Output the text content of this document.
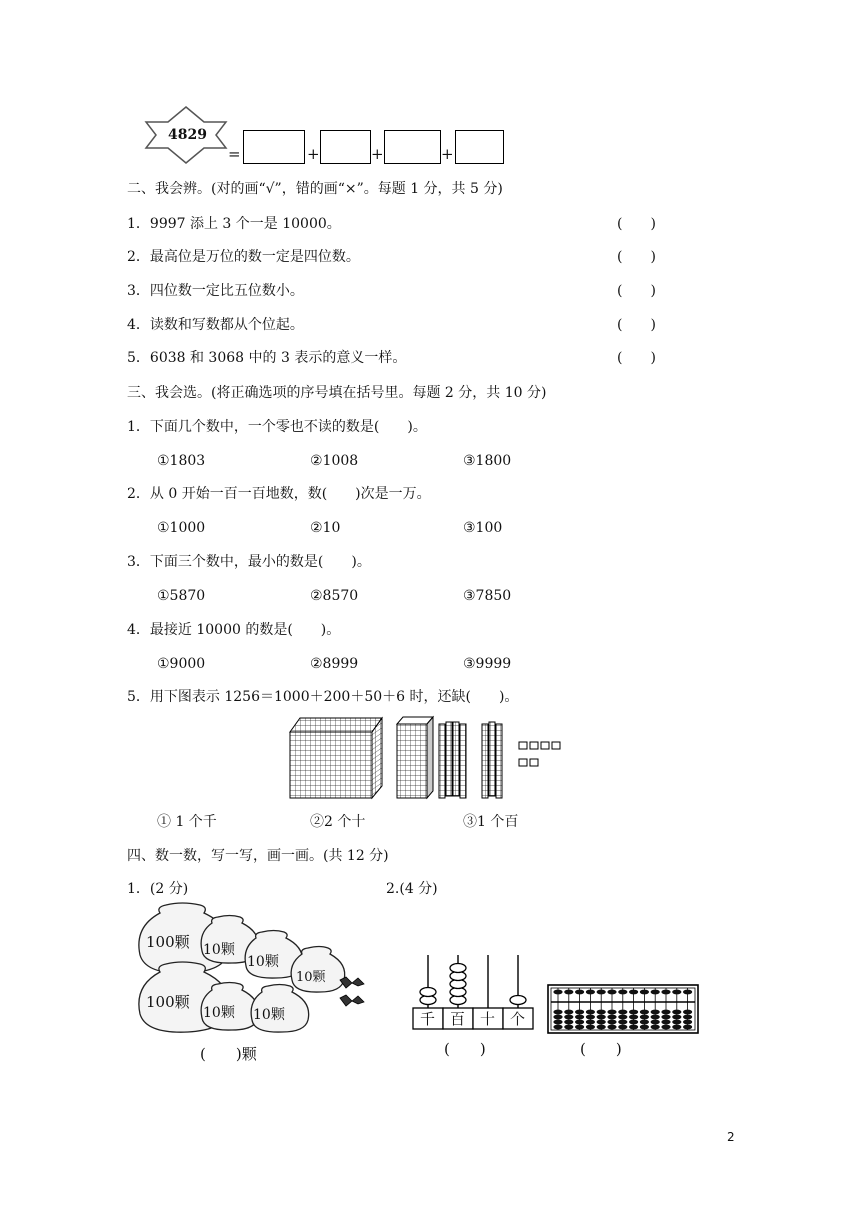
4829
=	+	+	+
二、我会辨。(对的画“√”，错的画“×”。每题 1 分，共 5 分)
1．9997 添上 3 个一是 10000。	(　　)
2．最高位是万位的数一定是四位数。	(　　)
3．四位数一定比五位数小。	(　　)
4．读数和写数都从个位起。	(　　)
5．6038 和 3068 中的 3 表示的意义一样。	(　　)
三、我会选。(将正确选项的序号填在括号里。每题 2 分，共 10 分)
1．下面几个数中，一个零也不读的数是(　　)。
①1803	②1008	③1800
2．从 0 开始一百一百地数，数(　　)次是一万。
①1000	②10	③100
3．下面三个数中，最小的数是(　　)。
①5870	②8570	③7850
4．最接近 10000 的数是(　　)。
①9000	②8999	③9999
5．用下图表示 1256＝1000＋200＋50＋6 时，还缺(　　)。
① 1 个千	②2 个十	③1 个百
四、数一数，写一写，画一画。(共 12 分)
1．(2 分)	2.(4 分)
100颗
100颗
10颗
10颗
10颗
10颗 10颗
(　　)颗
千 百 十 个
(　　)	(　　)
2
